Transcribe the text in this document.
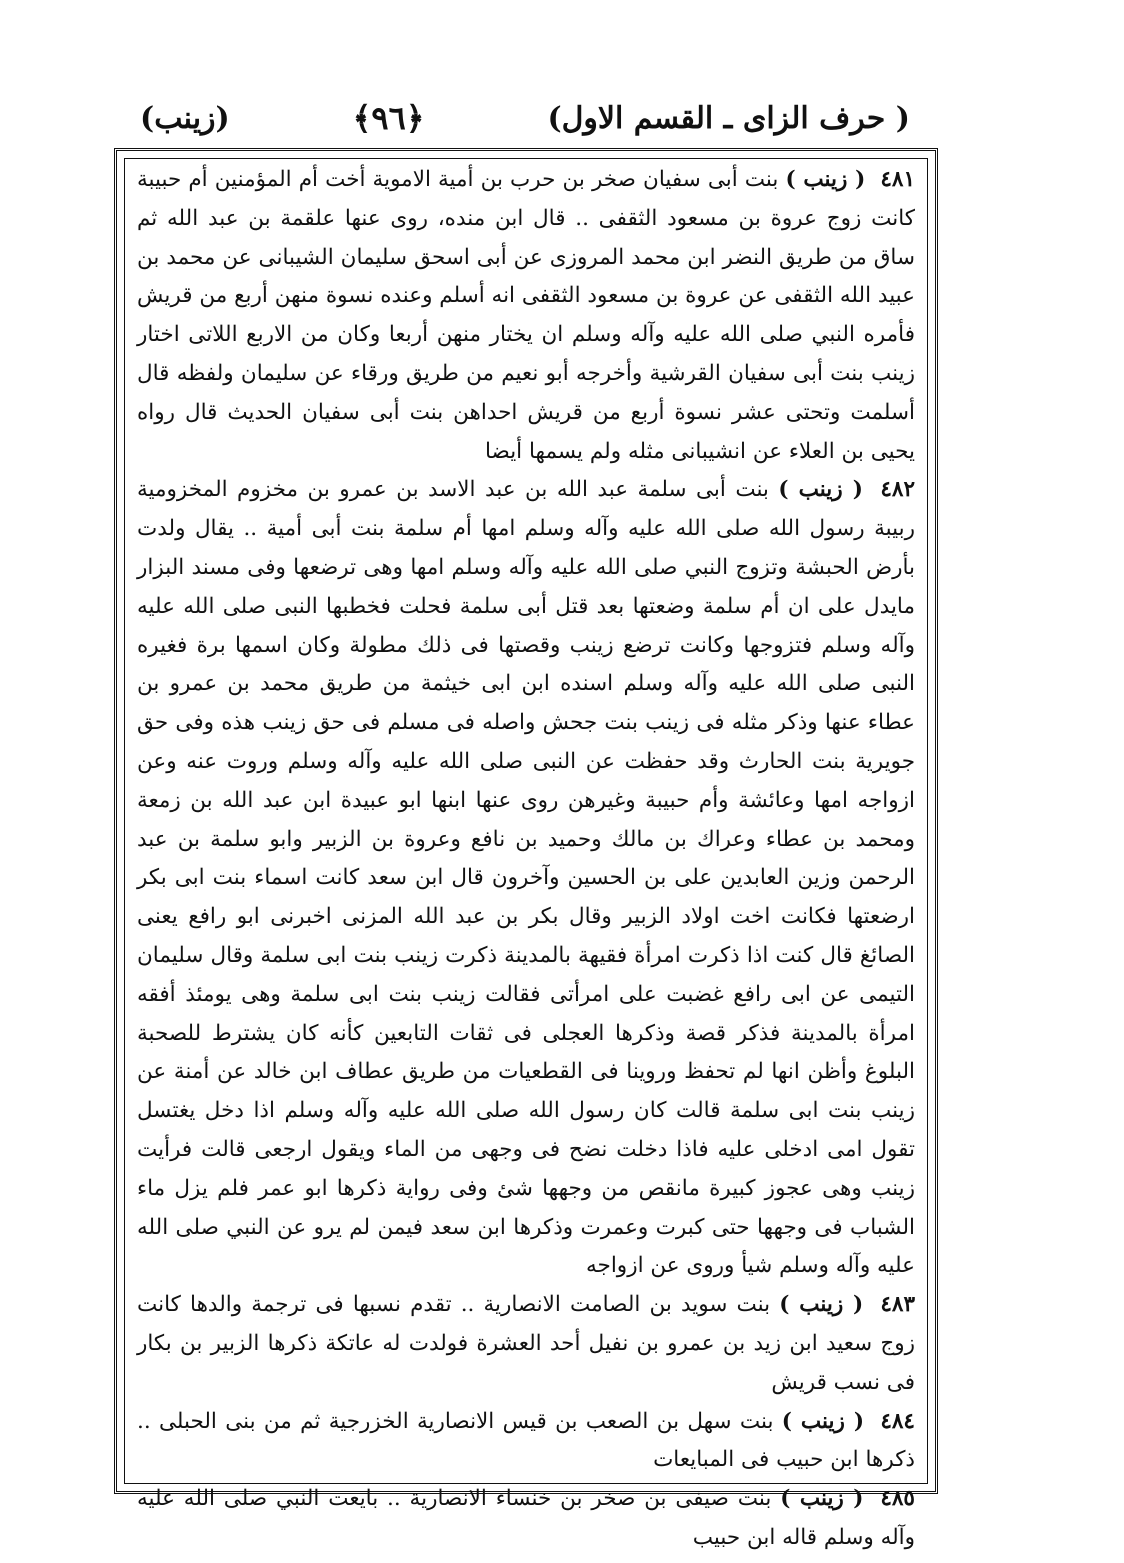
( حرف الزاى ـ القسم الاول)
﴿٩٦﴾
(زينب)

٤٨١ ( زينب ) بنت أبى سفيان صخر بن حرب بن أمية الاموية أخت أم المؤمنين أم حبيبة كانت زوج عروة بن مسعود الثقفى .. قال ابن منده، روى عنها علقمة بن عبد الله ثم ساق من طريق النضر ابن محمد المروزى عن أبى اسحق سليمان الشيبانى عن محمد بن عبيد الله الثقفى عن عروة بن مسعود الثقفى انه أسلم وعنده نسوة منهن أربع من قريش فأمره النبي صلى الله عليه وآله وسلم ان يختار منهن أربعا وكان من الاربع اللاتى اختار زينب بنت أبى سفيان القرشية وأخرجه أبو نعيم من طريق ورقاء عن سليمان ولفظه قال أسلمت وتحتى عشر نسوة أربع من قريش احداهن بنت أبى سفيان الحديث قال رواه يحيى بن العلاء عن انشيبانى مثله ولم يسمها أيضا

٤٨٢ ( زينب ) بنت أبى سلمة عبد الله بن عبد الاسد بن عمرو بن مخزوم المخزومية ربيبة رسول الله صلى الله عليه وآله وسلم امها أم سلمة بنت أبى أمية .. يقال ولدت بأرض الحبشة وتزوج النبي صلى الله عليه وآله وسلم امها وهى ترضعها وفى مسند البزار مايدل على ان أم سلمة وضعتها بعد قتل أبى سلمة فحلت فخطبها النبى صلى الله عليه وآله وسلم فتزوجها وكانت ترضع زينب وقصتها فى ذلك مطولة وكان اسمها برة فغيره النبى صلى الله عليه وآله وسلم اسنده ابن ابى خيثمة من طريق محمد بن عمرو بن عطاء عنها وذكر مثله فى زينب بنت جحش واصله فى مسلم فى حق زينب هذه وفى حق جويرية بنت الحارث وقد حفظت عن النبى صلى الله عليه وآله وسلم وروت عنه وعن ازواجه امها وعائشة وأم حبيبة وغيرهن روى عنها ابنها ابو عبيدة ابن عبد الله بن زمعة ومحمد بن عطاء وعراك بن مالك وحميد بن نافع وعروة بن الزبير وابو سلمة بن عبد الرحمن وزين العابدين على بن الحسين وآخرون قال ابن سعد كانت اسماء بنت ابى بكر ارضعتها فكانت اخت اولاد الزبير وقال بكر بن عبد الله المزنى اخبرنى ابو رافع يعنى الصائغ قال كنت اذا ذكرت امرأة فقيهة بالمدينة ذكرت زينب بنت ابى سلمة وقال سليمان التيمى عن ابى رافع غضبت على امرأتى فقالت زينب بنت ابى سلمة وهى يومئذ أفقه امرأة بالمدينة فذكر قصة وذكرها العجلى فى ثقات التابعين كأنه كان يشترط للصحبة البلوغ وأظن انها لم تحفظ وروينا فى القطعيات من طريق عطاف ابن خالد عن أمنة عن زينب بنت ابى سلمة قالت كان رسول الله صلى الله عليه وآله وسلم اذا دخل يغتسل تقول امى ادخلى عليه فاذا دخلت نضح فى وجهى من الماء ويقول ارجعى قالت فرأيت زينب وهى عجوز كبيرة مانقص من وجهها شئ وفى رواية ذكرها ابو عمر فلم يزل ماء الشباب فى وجهها حتى كبرت وعمرت وذكرها ابن سعد فيمن لم يرو عن النبي صلى الله عليه وآله وسلم شيأ وروى عن ازواجه

٤٨٣ ( زينب ) بنت سويد بن الصامت الانصارية .. تقدم نسبها فى ترجمة والدها كانت زوج سعيد ابن زيد بن عمرو بن نفيل أحد العشرة فولدت له عاتكة ذكرها الزبير بن بكار فى نسب قريش

٤٨٤ ( زينب ) بنت سهل بن الصعب بن قيس الانصارية الخزرجية ثم من بنى الحبلى .. ذكرها ابن حبيب فى المبايعات

٤٨٥ ( زينب ) بنت صيفى بن صخر بن خنساء الانصارية .. بايعت النبي صلى الله عليه وآله وسلم قاله ابن حبيب
